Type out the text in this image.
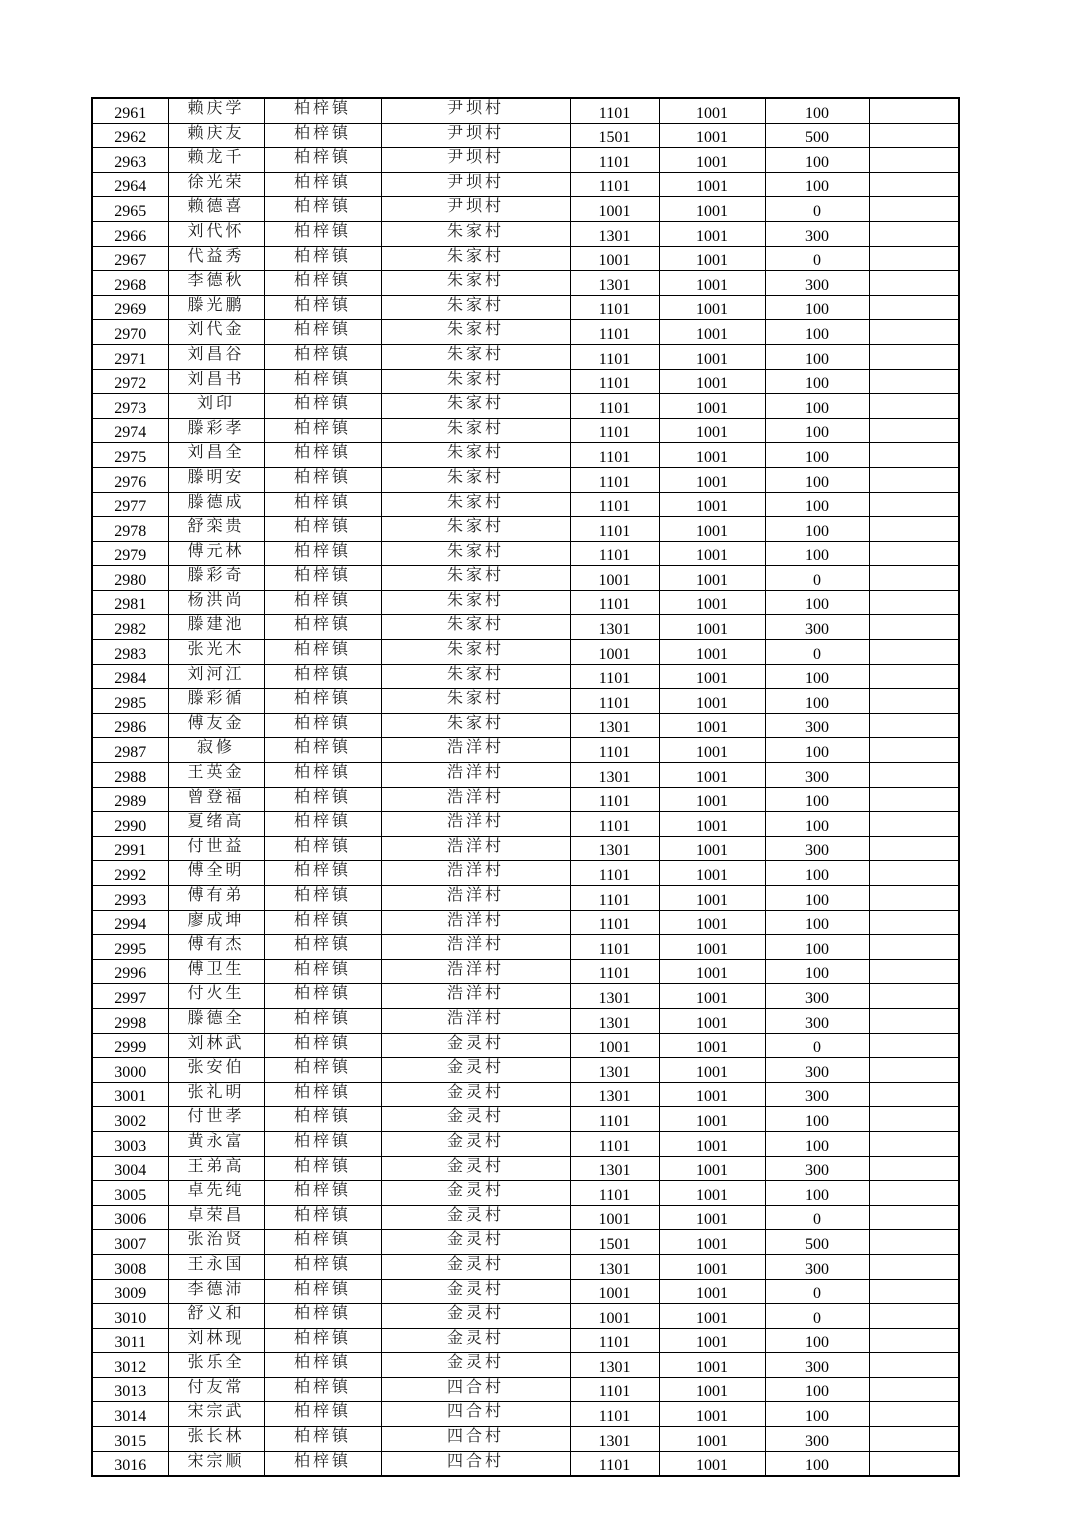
2961	赖庆学	柏梓镇	尹坝村	1101	1001	100	
2962	赖庆友	柏梓镇	尹坝村	1501	1001	500	
2963	赖龙千	柏梓镇	尹坝村	1101	1001	100	
2964	徐光荣	柏梓镇	尹坝村	1101	1001	100	
2965	赖德喜	柏梓镇	尹坝村	1001	1001	0	
2966	刘代怀	柏梓镇	朱家村	1301	1001	300	
2967	代益秀	柏梓镇	朱家村	1001	1001	0	
2968	李德秋	柏梓镇	朱家村	1301	1001	300	
2969	滕光鹏	柏梓镇	朱家村	1101	1001	100	
2970	刘代金	柏梓镇	朱家村	1101	1001	100	
2971	刘昌谷	柏梓镇	朱家村	1101	1001	100	
2972	刘昌书	柏梓镇	朱家村	1101	1001	100	
2973	刘印	柏梓镇	朱家村	1101	1001	100	
2974	滕彩孝	柏梓镇	朱家村	1101	1001	100	
2975	刘昌全	柏梓镇	朱家村	1101	1001	100	
2976	滕明安	柏梓镇	朱家村	1101	1001	100	
2977	滕德成	柏梓镇	朱家村	1101	1001	100	
2978	舒栾贵	柏梓镇	朱家村	1101	1001	100	
2979	傅元林	柏梓镇	朱家村	1101	1001	100	
2980	滕彩奇	柏梓镇	朱家村	1001	1001	0	
2981	杨洪尚	柏梓镇	朱家村	1101	1001	100	
2982	滕建池	柏梓镇	朱家村	1301	1001	300	
2983	张光木	柏梓镇	朱家村	1001	1001	0	
2984	刘河江	柏梓镇	朱家村	1101	1001	100	
2985	滕彩循	柏梓镇	朱家村	1101	1001	100	
2986	傅友金	柏梓镇	朱家村	1301	1001	300	
2987	寂修	柏梓镇	浩洋村	1101	1001	100	
2988	王英金	柏梓镇	浩洋村	1301	1001	300	
2989	曾登福	柏梓镇	浩洋村	1101	1001	100	
2990	夏绪高	柏梓镇	浩洋村	1101	1001	100	
2991	付世益	柏梓镇	浩洋村	1301	1001	300	
2992	傅全明	柏梓镇	浩洋村	1101	1001	100	
2993	傅有弟	柏梓镇	浩洋村	1101	1001	100	
2994	廖成坤	柏梓镇	浩洋村	1101	1001	100	
2995	傅有杰	柏梓镇	浩洋村	1101	1001	100	
2996	傅卫生	柏梓镇	浩洋村	1101	1001	100	
2997	付火生	柏梓镇	浩洋村	1301	1001	300	
2998	滕德全	柏梓镇	浩洋村	1301	1001	300	
2999	刘林武	柏梓镇	金灵村	1001	1001	0	
3000	张安伯	柏梓镇	金灵村	1301	1001	300	
3001	张礼明	柏梓镇	金灵村	1301	1001	300	
3002	付世孝	柏梓镇	金灵村	1101	1001	100	
3003	黄永富	柏梓镇	金灵村	1101	1001	100	
3004	王弟高	柏梓镇	金灵村	1301	1001	300	
3005	卓先纯	柏梓镇	金灵村	1101	1001	100	
3006	卓荣昌	柏梓镇	金灵村	1001	1001	0	
3007	张治贤	柏梓镇	金灵村	1501	1001	500	
3008	王永国	柏梓镇	金灵村	1301	1001	300	
3009	李德沛	柏梓镇	金灵村	1001	1001	0	
3010	舒义和	柏梓镇	金灵村	1001	1001	0	
3011	刘林现	柏梓镇	金灵村	1101	1001	100	
3012	张乐全	柏梓镇	金灵村	1301	1001	300	
3013	付友常	柏梓镇	四合村	1101	1001	100	
3014	宋宗武	柏梓镇	四合村	1101	1001	100	
3015	张长林	柏梓镇	四合村	1301	1001	300	
3016	宋宗顺	柏梓镇	四合村	1101	1001	100	
